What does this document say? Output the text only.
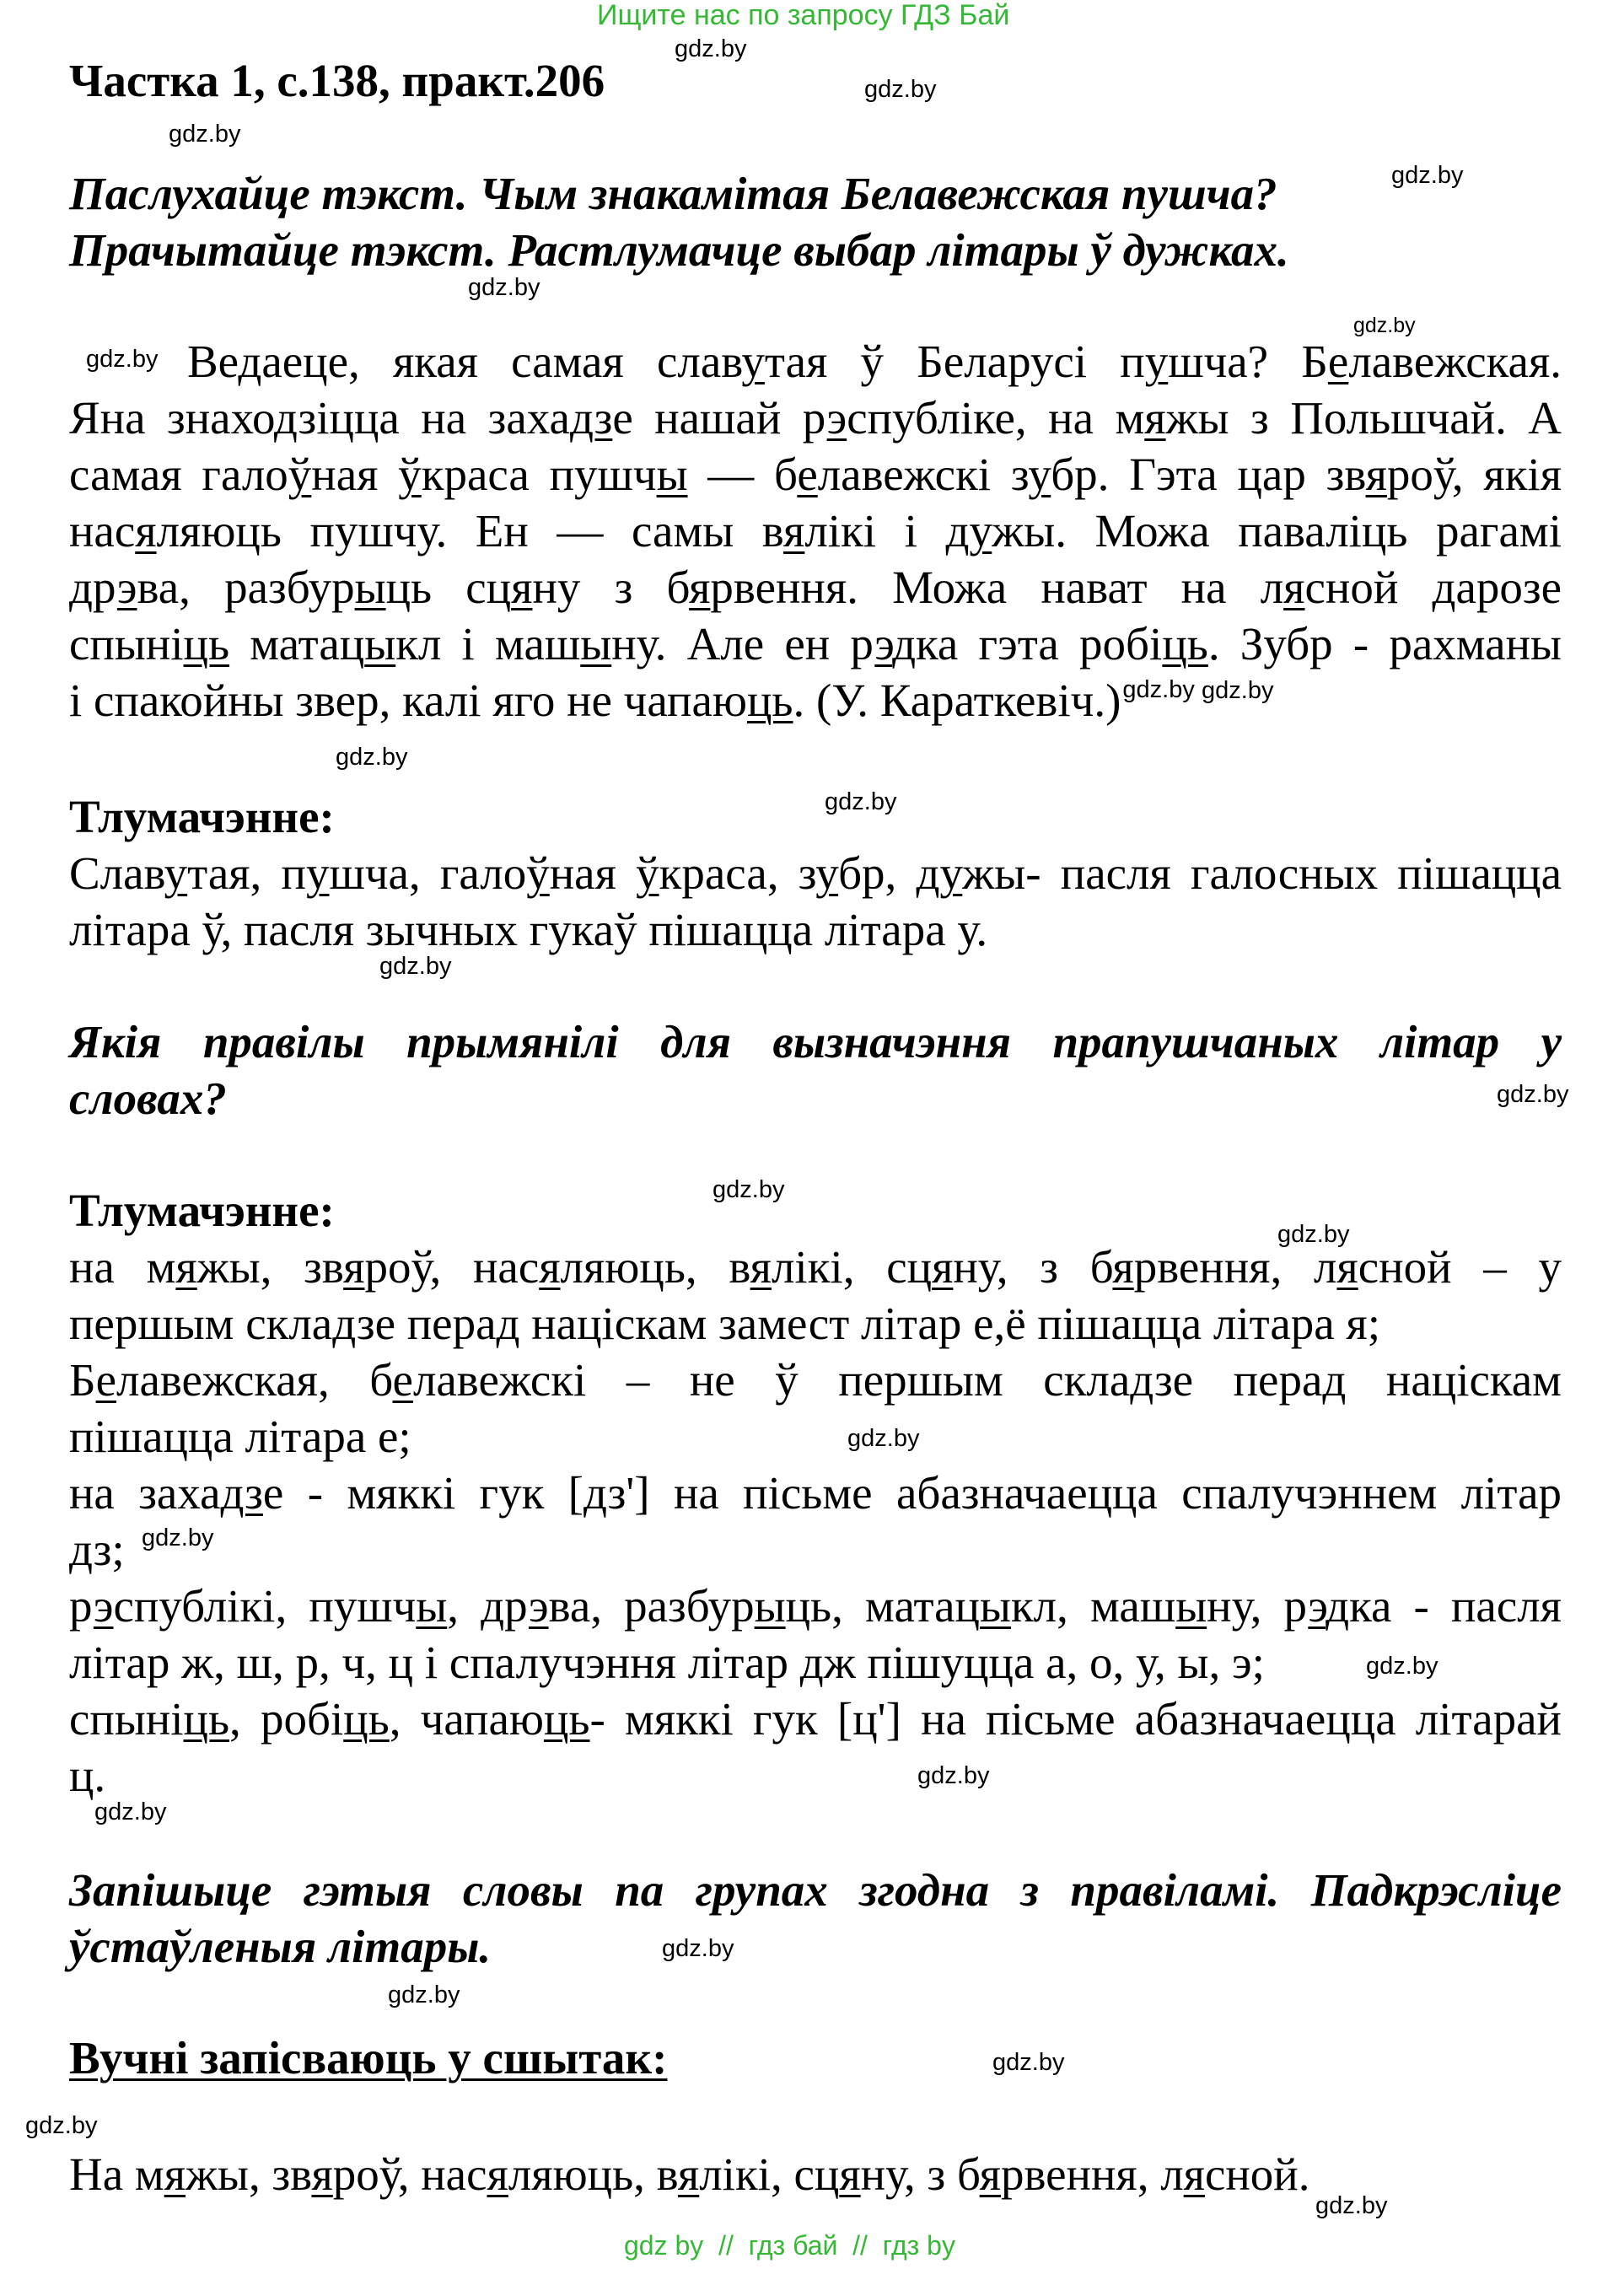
Ищите нас по запросу ГДЗ Бай
gdz by  //  гдз бай  //  гдз by
gdz.by
gdz.by
gdz.by
gdz.by
gdz.by
gdz.by
gdz.by
gdz.by
gdz.by
gdz.by
gdz.by
gdz.by
gdz.by
gdz.by
gdz.by
gdz.by
gdz.by
gdz.by
gdz.by
gdz.by
gdz.by
gdz.by
gdz.by
gdz.by
Частка 1, с.138, практ.206
Паслухайце тэкст. Чым знакамітая Белавежская пушча?
Прачытайце тэкст. Растлумачце выбар літары ў дужках.
Ведаеце, якая самая славутая ў Беларусі пушча? Белавежская.
Яна знаходзіцца на захадзе нашай рэспубліке, на мяжы з Польшчай. А
самая галоўная ўкраса пушчы — белавежскі зубр. Гэта цар звяроў, якія
насяляюць пушчу. Ен — самы вялікі і дужы. Можа паваліць рагамі
дрэва, разбурыць сцяну з бярвення. Можа нават на лясной дарозе
спыніць матацыкл і машыну. Але ен рэдка гэта робіць. Зубр - рахманы
і спакойны звер, калі яго не чапаюць. (У. Караткевіч.)$^{gdz.by}$
Тлумачэнне:
Славутая, пушча, галоўная ўкраса, зубр, дужы- пасля галосных пішацца
літара ў, пасля зычных гукаў пішацца літара у.
Якія правілы прымянілі для вызначэння прапушчаных літар у
словах?
Тлумачэнне:
на мяжы, звяроў, насяляюць, вялікі, сцяну, з бярвення, лясной – у
першым складзе перад націскам замест літар е,ё пішацца літара я;
Белавежская, белавежскі – не ў першым складзе перад націскам
пішацца літара е;
на захадзе - мяккі гук [дз'] на пісьме абазначаецца спалучэннем літар
дз;
рэспублікі, пушчы, дрэва, разбурыць, матацыкл, машыну, рэдка - пасля
літар ж, ш, р, ч, ц і спалучэння літар дж пішуцца а, о, у, ы, э;
спыніць, робіць, чапаюць- мяккі гук [ц'] на пісьме абазначаецца літарай
ц.
Запішыце гэтыя словы па групах згодна з правіламі. Падкрэсліце
ўстаўленыя літары.
Вучні запісваюць у сшытак:
На мяжы, звяроў, насяляюць, вялікі, сцяну, з бярвення, лясной.
